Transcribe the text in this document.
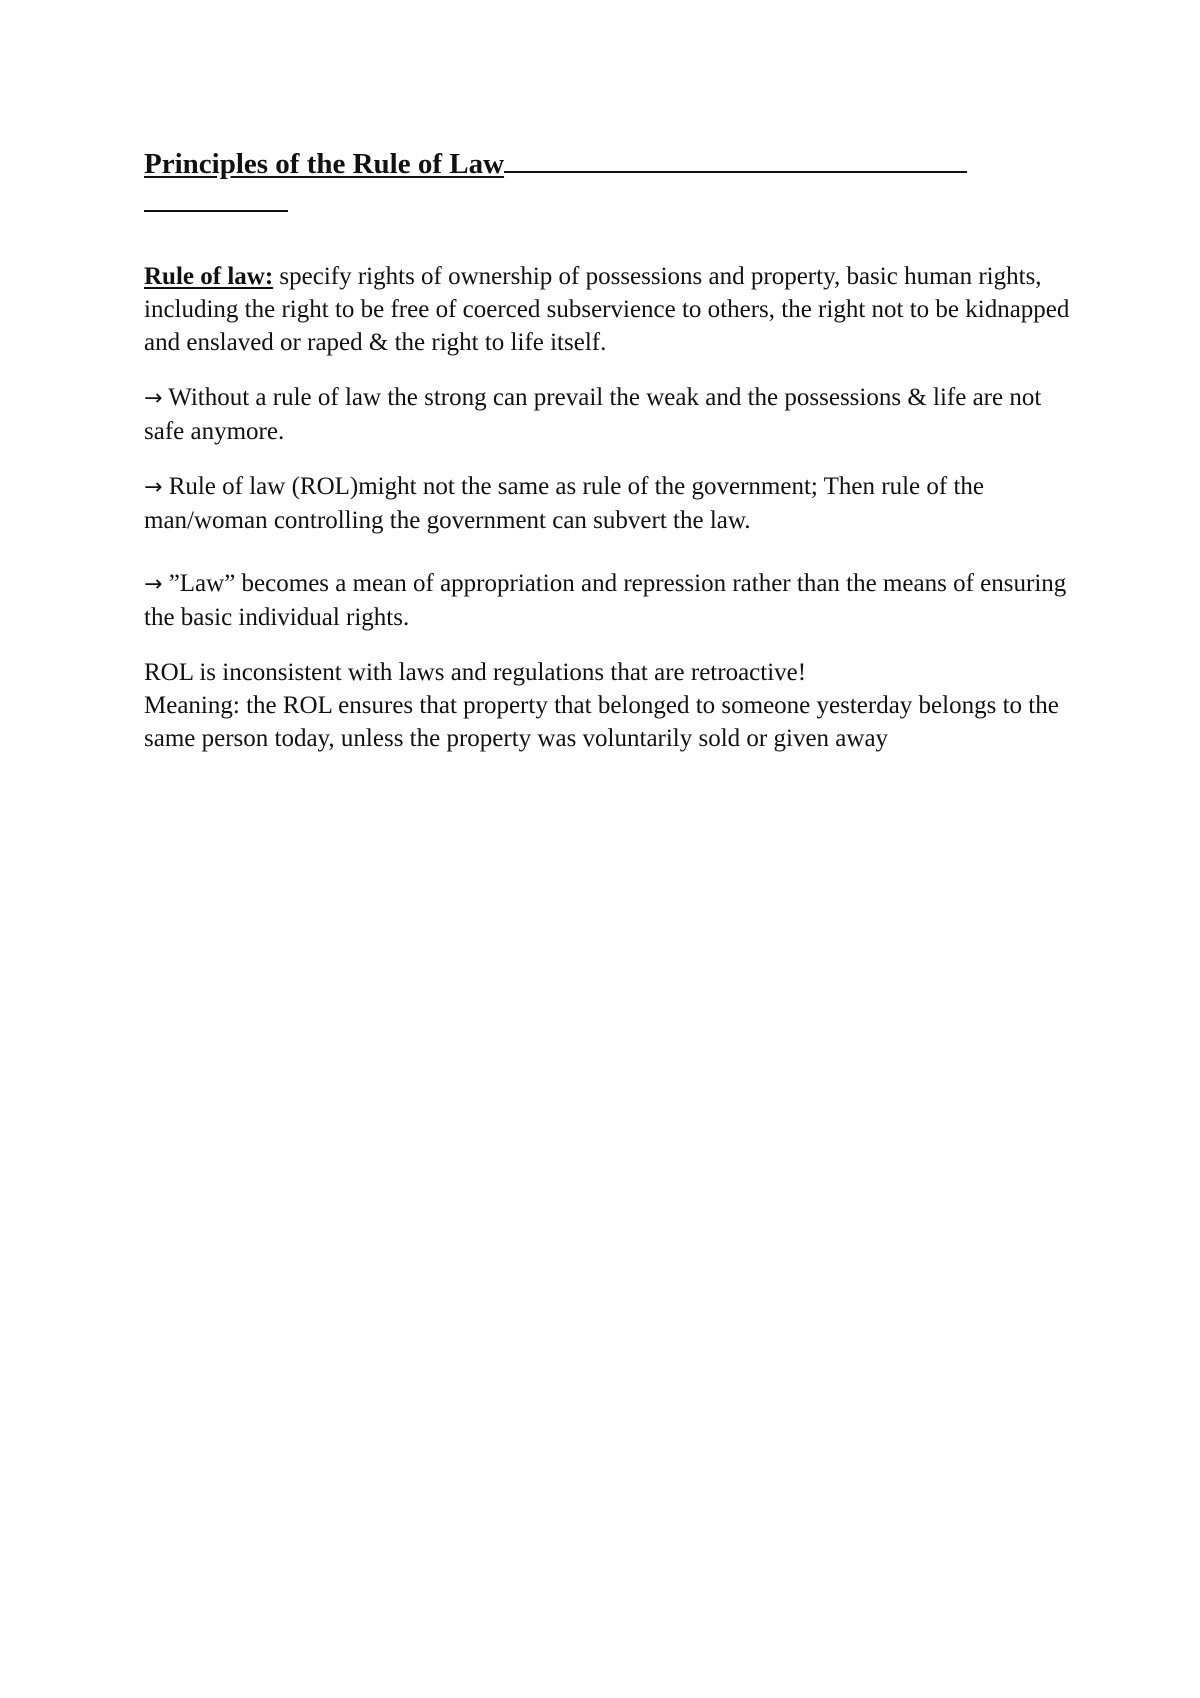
Principles of the Rule of Law

Rule of law: specify rights of ownership of possessions and property, basic human rights, including the right to be free of coerced subservience to others, the right not to be kidnapped and enslaved or raped & the right to life itself.

→ Without a rule of law the strong can prevail the weak and the possessions & life are not safe anymore.

→ Rule of law (ROL)might not the same as rule of the government; Then rule of the man/woman controlling the government can subvert the law.

→ ”Law” becomes a mean of appropriation and repression rather than the means of ensuring the basic individual rights.

ROL is inconsistent with laws and regulations that are retroactive!
Meaning: the ROL ensures that property that belonged to someone yesterday belongs to the same person today, unless the property was voluntarily sold or given away
